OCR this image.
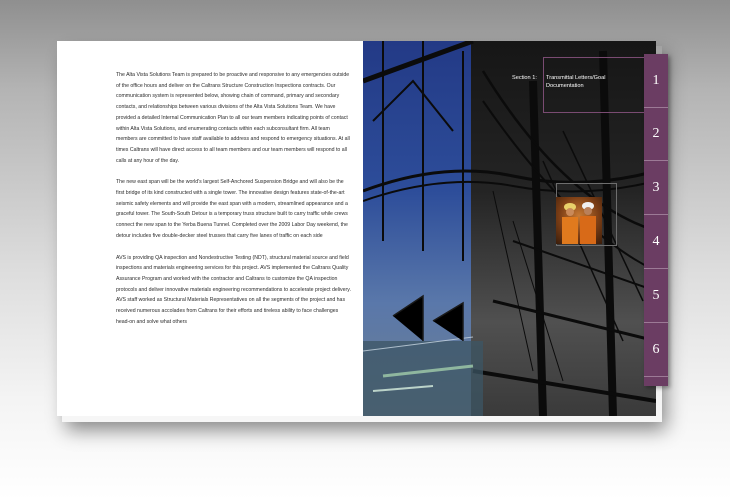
The Alta Vista Solutions Team is prepared to be proactive and responsive to any emergencies outside of the office hours and deliver on the Caltrans Structure Construction Inspections contracts. Our communication system is represented below, showing chain of command, primary and secondary contacts, and relationships between various divisions of the Alta Vista Solutions Team. We have provided a detailed Internal Communication Plan to all our team members indicating points of contact within Alta Vista Solutions, and enumerating contacts within each subconsultant firm. All team members are committed to have staff available to address and respond to emergency situations. At all times Caltrans will have direct access to all team members and our team members will respond to all calls at any hour of the day.

The new east span will be the world's largest Self-Anchored Suspension Bridge and will also be the first bridge of its kind constructed with a single tower. The innovative design features state-of-the-art seismic safety elements and will provide the east span with a modern, streamlined appearance and a graceful tower. The South-South Detour is a temporary truss structure built to carry traffic while crews connect the new span to the Yerba Buena Tunnel. Completed over the 2009 Labor Day weekend, the detour includes five double-decker steel trusses that carry five lanes of traffic on each side

AVS is providing QA inspection and Nondestructive Testing (NDT), structural material source and field inspections and materials engineering services for this project. AVS implemented the Caltrans Quality Assurance Program and worked with the contractor and Caltrans to customize the QA inspection protocols and deliver innovative materials engineering recommendations to accelerate project delivery. AVS staff worked as Structural Materials Representatives on all the segments of the project and has received numerous accolades from Caltrans for their efforts and tireless ability to face challenges head-on and solve what others

Section 1: Transmittal Letters/Goal Documentation	1
2
3
4
5
6
